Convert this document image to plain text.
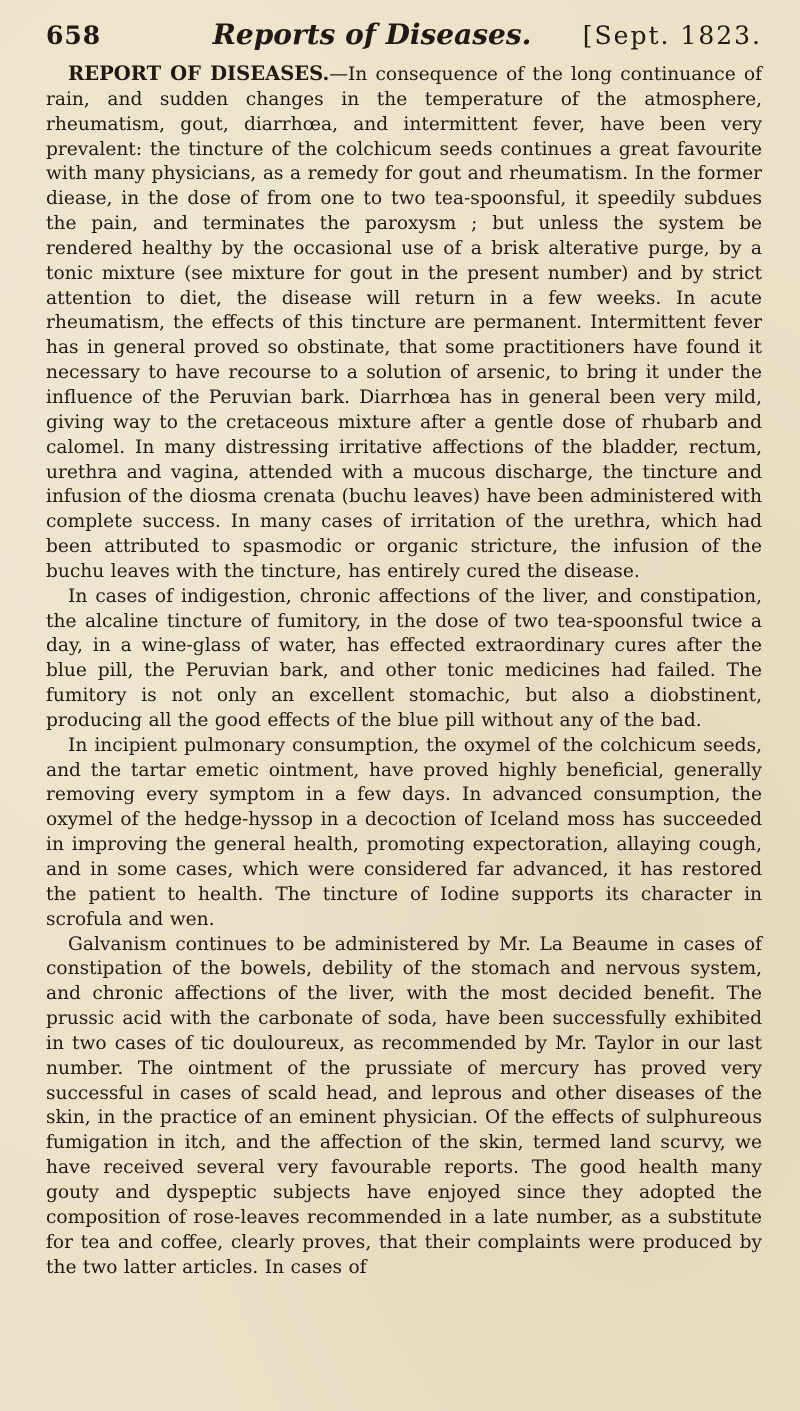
658	Reports of Diseases. [Sept. 1823.

REPORT OF DISEASES.—In consequence of the long continuance of rain, and sudden changes in the temperature of the atmosphere, rheumatism, gout, diarrhœa, and intermittent fever, have been very prevalent: the tincture of the colchicum seeds continues a great favourite with many physicians, as a remedy for gout and rheumatism. In the former diease, in the dose of from one to two tea-spoonsful, it speedily subdues the pain, and terminates the paroxysm ; but unless the system be rendered healthy by the occasional use of a brisk alterative purge, by a tonic mixture (see mixture for gout in the present number) and by strict attention to diet, the disease will return in a few weeks. In acute rheumatism, the effects of this tincture are permanent. Intermittent fever has in general proved so obstinate, that some practitioners have found it necessary to have recourse to a solution of arsenic, to bring it under the influence of the Peruvian bark. Diarrhœa has in general been very mild, giving way to the cretaceous mixture after a gentle dose of rhubarb and calomel. In many distressing irritative affections of the bladder, rectum, urethra and vagina, attended with a mucous discharge, the tincture and infusion of the diosma crenata (buchu leaves) have been administered with complete success. In many cases of irritation of the urethra, which had been attributed to spasmodic or organic stricture, the infusion of the buchu leaves with the tincture, has entirely cured the disease.

In cases of indigestion, chronic affections of the liver, and constipation, the alcaline tincture of fumitory, in the dose of two tea-spoonsful twice a day, in a wine-glass of water, has effected extraordinary cures after the blue pill, the Peruvian bark, and other tonic medicines had failed. The fumitory is not only an excellent stomachic, but also a diobstinent, producing all the good effects of the blue pill without any of the bad.

In incipient pulmonary consumption, the oxymel of the colchicum seeds, and the tartar emetic ointment, have proved highly beneficial, generally removing every symptom in a few days. In advanced consumption, the oxymel of the hedge-hyssop in a decoction of Iceland moss has succeeded in improving the general health, promoting expectoration, allaying cough, and in some cases, which were considered far advanced, it has restored the patient to health. The tincture of Iodine supports its character in scrofula and wen.

Galvanism continues to be administered by Mr. La Beaume in cases of constipation of the bowels, debility of the stomach and nervous system, and chronic affections of the liver, with the most decided benefit. The prussic acid with the carbonate of soda, have been successfully exhibited in two cases of tic douloureux, as recommended by Mr. Taylor in our last number. The ointment of the prussiate of mercury has proved very successful in cases of scald head, and leprous and other diseases of the skin, in the practice of an eminent physician. Of the effects of sulphureous fumigation in itch, and the affection of the skin, termed land scurvy, we have received several very favourable reports. The good health many gouty and dyspeptic subjects have enjoyed since they adopted the composition of rose-leaves recommended in a late number, as a substitute for tea and coffee, clearly proves, that their complaints were produced by the two latter articles. In cases of
